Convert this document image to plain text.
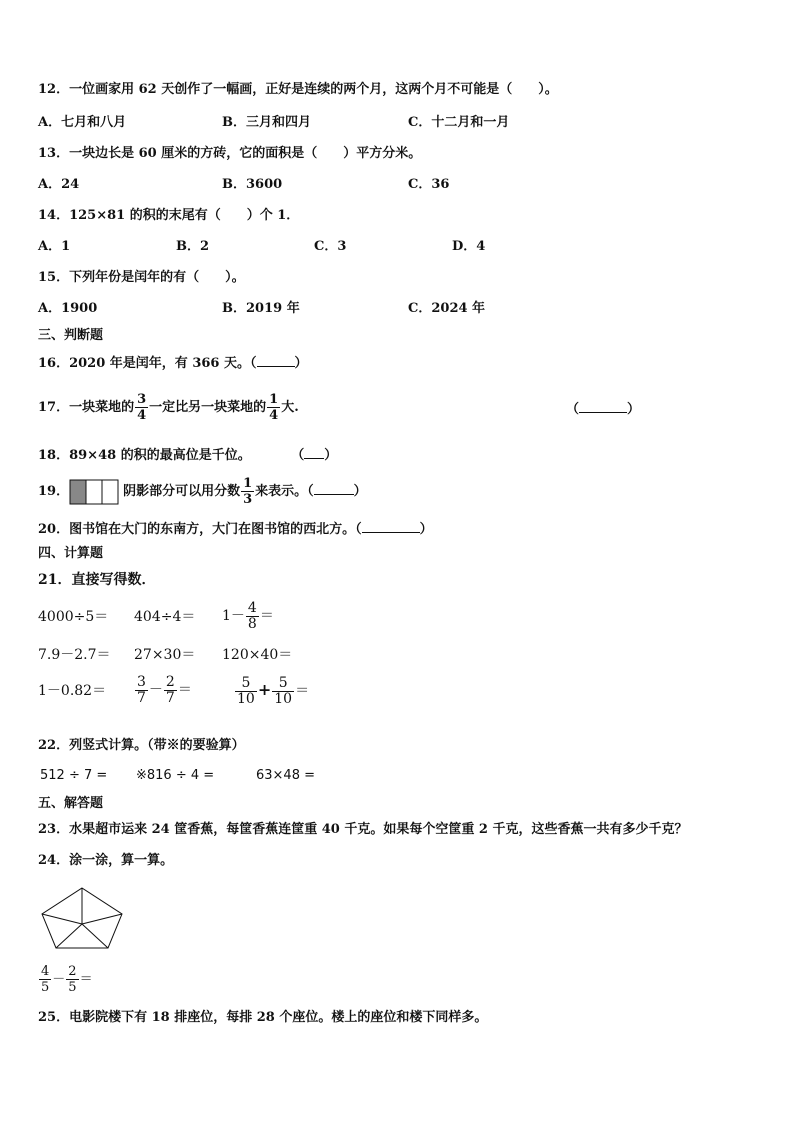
12．一位画家用 62 天创作了一幅画，正好是连续的两个月，这两个月不可能是（　　）。
A．七月和八月	B．三月和四月	C．十二月和一月
13．一块边长是 60 厘米的方砖，它的面积是（　　）平方分米。
A．24	B．3600	C．36
14．125×81 的积的末尾有（　　）个 1．
A．1	B．2	C．3	D．4
15．下列年份是闰年的有（　　）。
A．1900	B．2019 年	C．2024 年
三、判断题
16．2020 年是闰年，有 366 天。（	）
17．一块菜地的 $\frac{3}{4}$ 一定比另一块菜地的 $\frac{1}{4}$ 大.	（	）
18．89×48 的积的最高位是千位。	（ ）
19．	阴影部分可以用分数 $\frac{1}{3}$ 来表示。（	）
20．图书馆在大门的东南方，大门在图书馆的西北方。（	）
四、计算题
21．直接写得数．
$4000\div 5= 404\div 4= 1- \frac{4}{8}$ ＝
7.9－2.7＝ 27×30＝ 120×40＝
$1-0.82= \frac{3}{7} - \frac{2}{7}$ ＝	$\frac{5}{10} + \frac{5}{10}$ ＝
22．列竖式计算。（带※的要验算）
512 ÷ 7 = ※816 ÷ 4 =	63×48 =
五、解答题
23．水果超市运来 24 筐香蕉，每筐香蕉连筐重 40 千克。如果每个空筐重 2 千克，这些香蕉一共有多少千克？
24．涂一涂，算一算。
$\frac{4}{5} - \frac{2}{5}$ ＝
25．电影院楼下有 18 排座位，每排 28 个座位。楼上的座位和楼下同样多。
